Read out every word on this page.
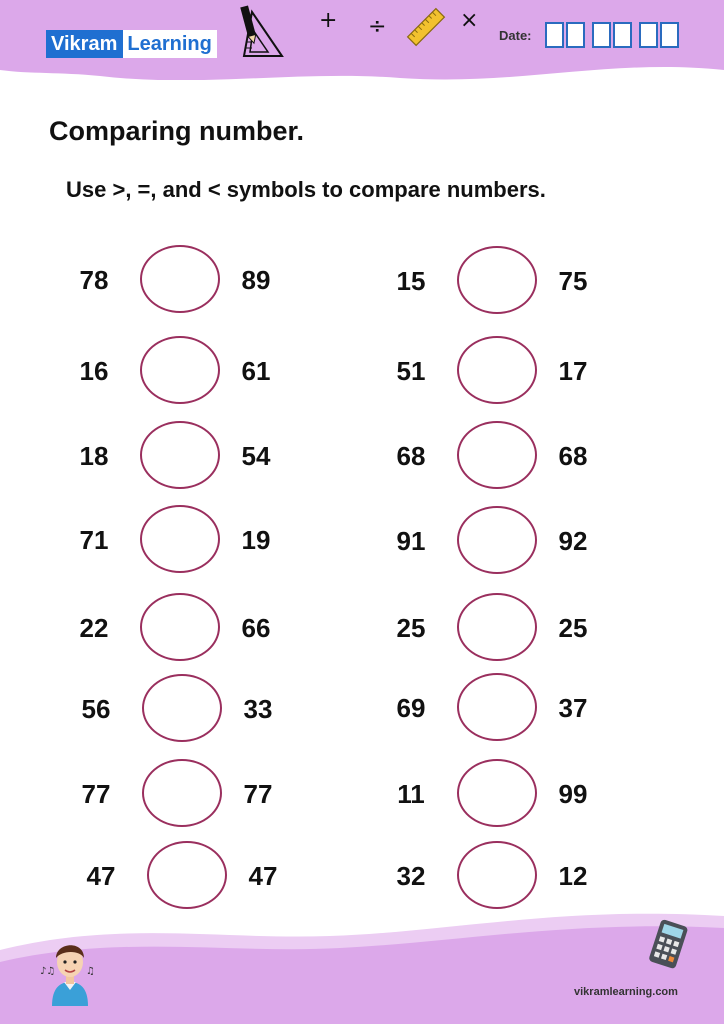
Vikram Learning
+ ÷	×
Date:
Comparing number.
Use >, =, and < symbols to compare numbers.
78	89
16	61
18	54
71	19
22	66
56	33
77	77
47	47
15	75
51	17
68	68
91	92
25	25
69	37
11	99
32	12
♪♫	♫
vikramlearning.com
